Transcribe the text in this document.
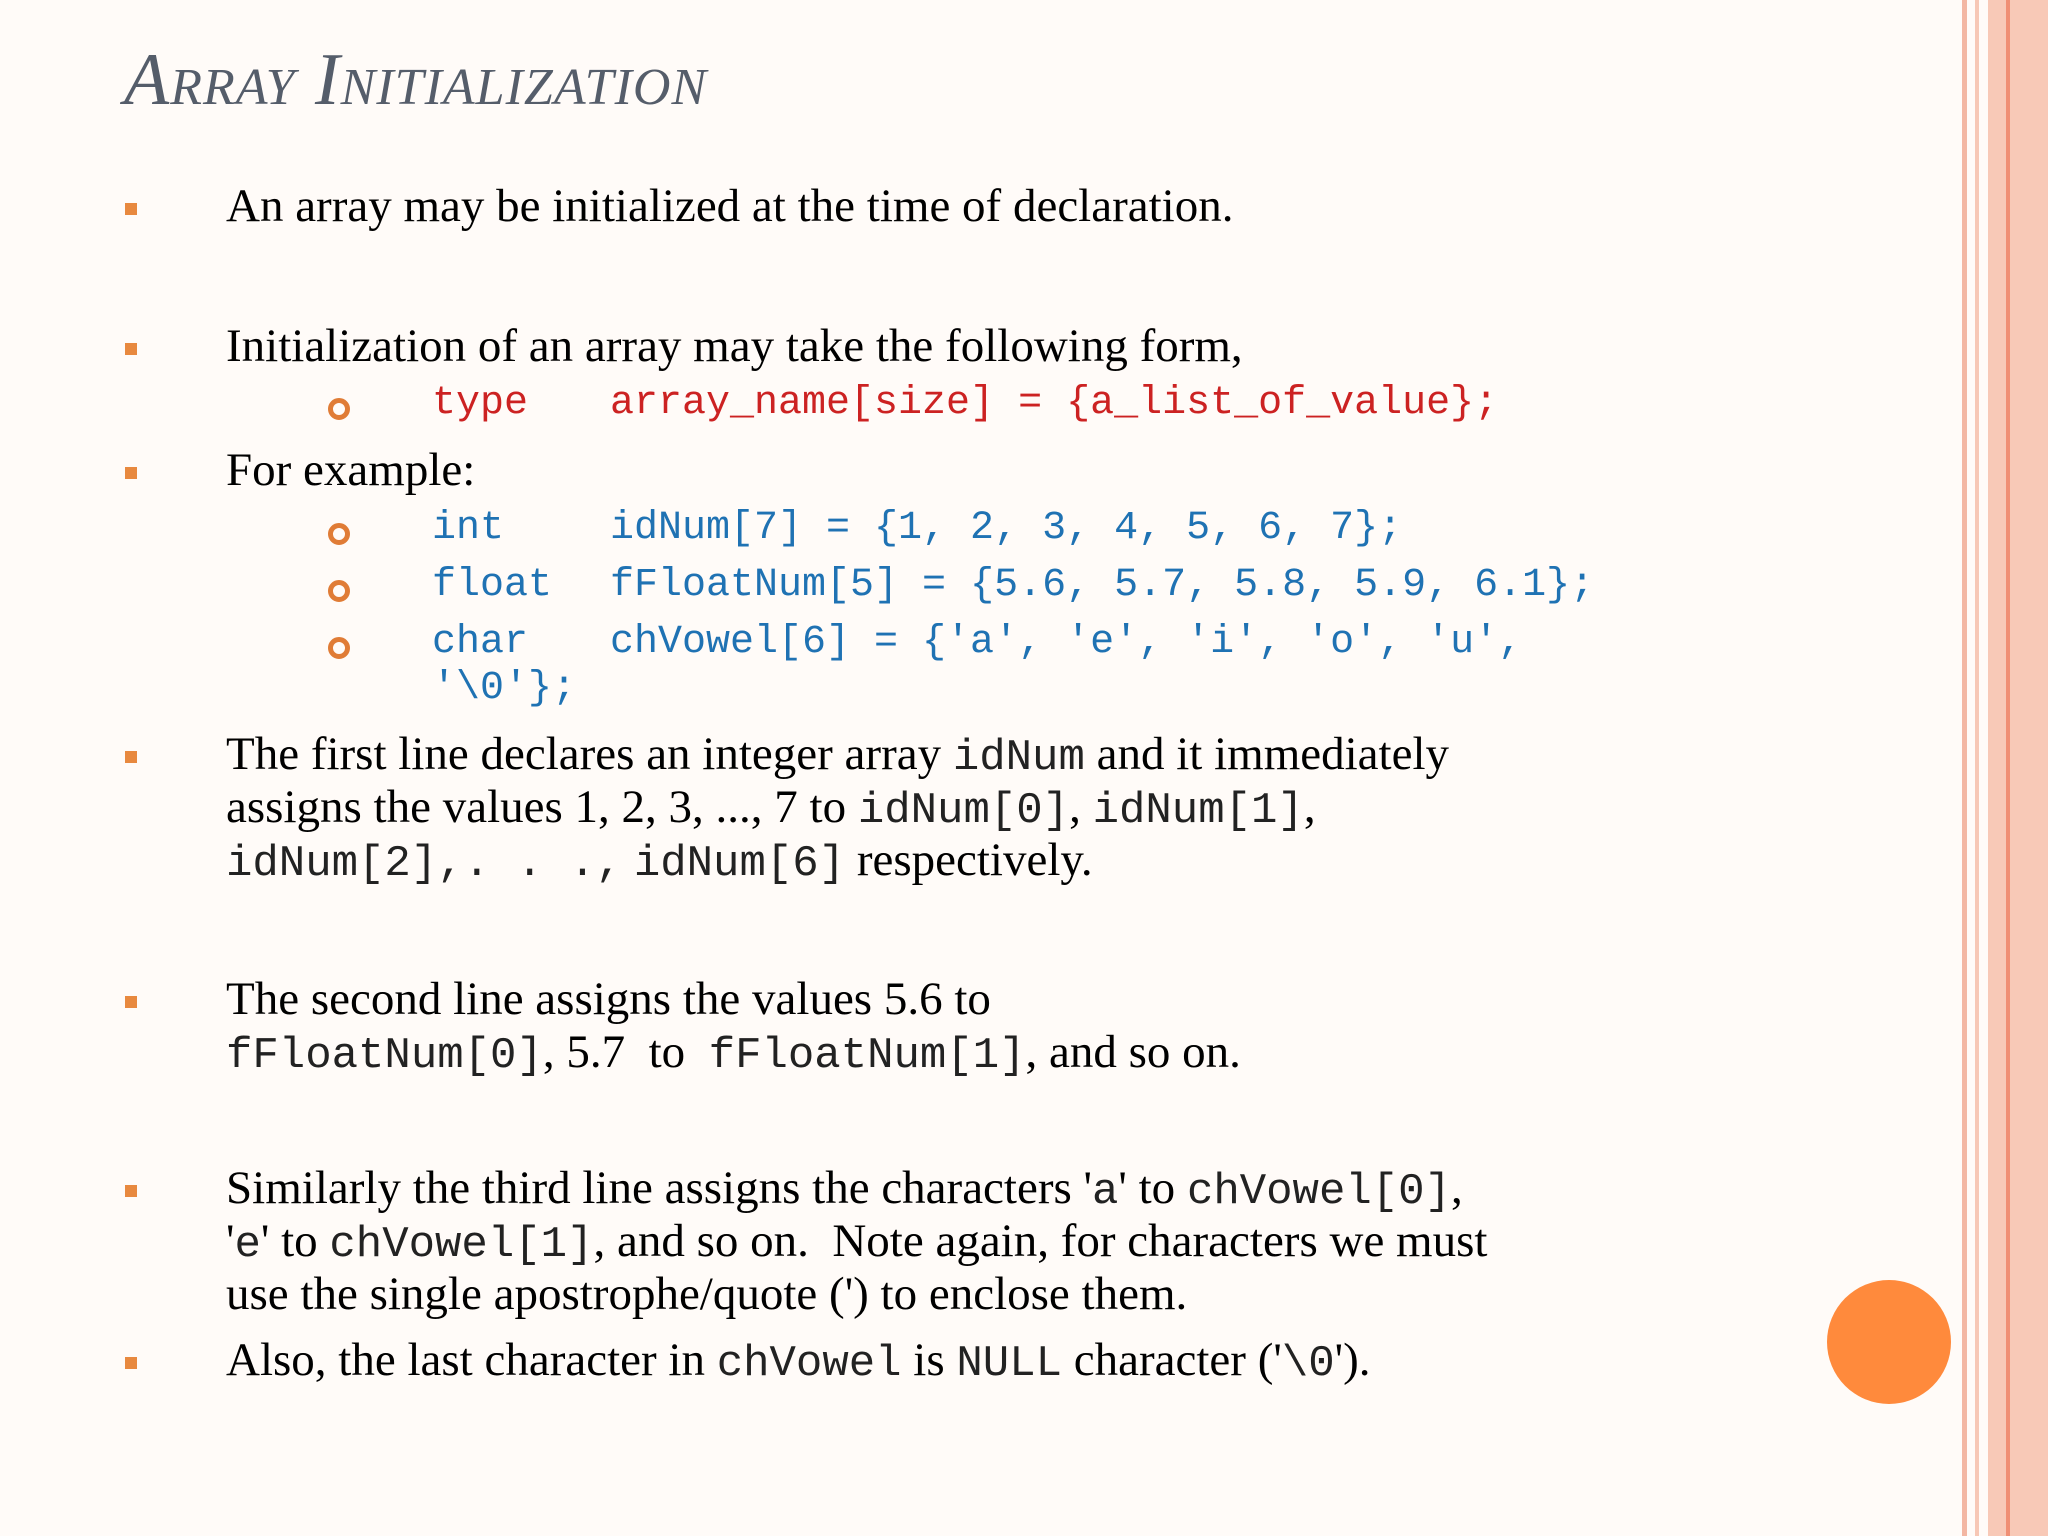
Array Initialization
An array may be initialized at the time of declaration.
Initialization of an array may take the following form,
type array_name[size] = {a_list_of_value};
For example:
int	idNum[7] = {1, 2, 3, 4, 5, 6, 7};
float fFloatNum[5] = {5.6, 5.7, 5.8, 5.9, 6.1};
char chVowel[6] = {'a', 'e', 'i', 'o', 'u',
'\0'};
The first line declares an integer array idNum and it immediately
assigns the values 1, 2, 3, ..., 7 to idNum[0], idNum[1],
idNum[2],. . ., idNum[6] respectively.
The second line assigns the values 5.6 to
fFloatNum[0], 5.7  to  fFloatNum[1], and so on.
Similarly the third line assigns the characters 'a' to chVowel[0],
'e' to chVowel[1], and so on.  Note again, for characters we must
use the single apostrophe/quote (') to enclose them.
Also, the last character in chVowel is NULL character ('\0').
